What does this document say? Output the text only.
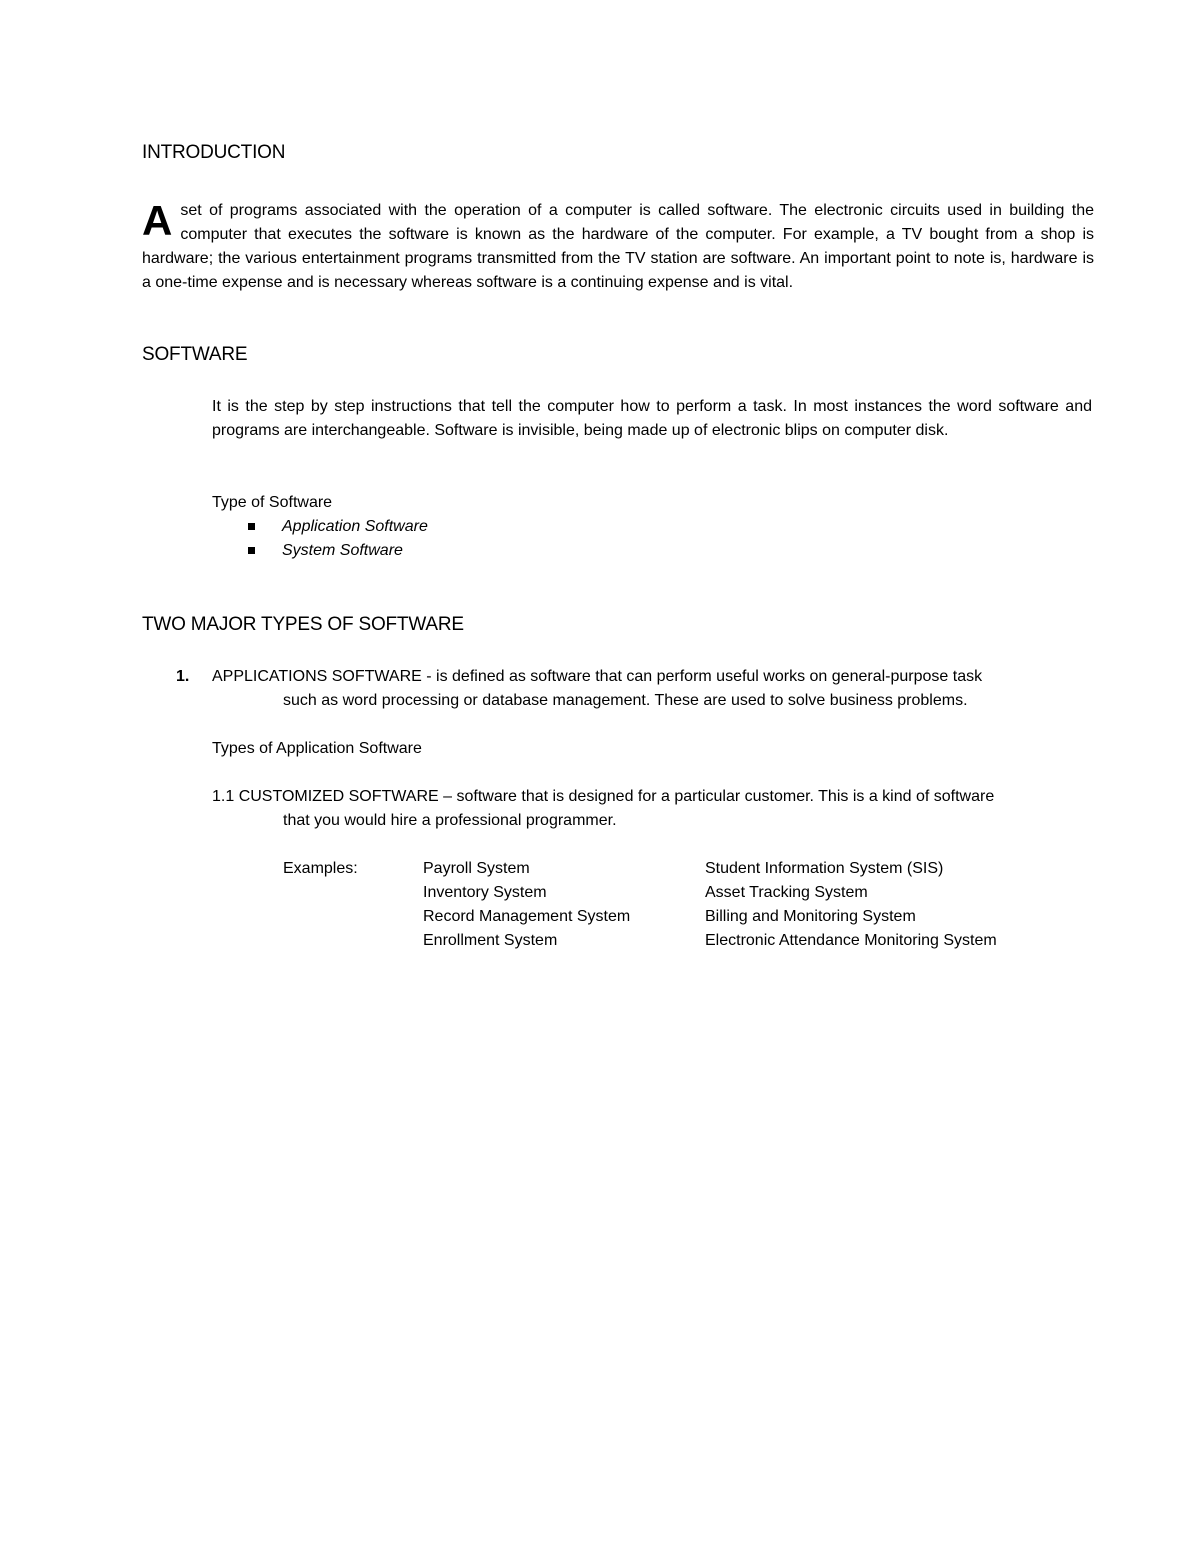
INTRODUCTION

A set of programs associated with the operation of a computer is called software. The electronic circuits used in building the computer that executes the software is known as the hardware of the computer. For example, a TV bought from a shop is hardware; the various entertainment programs transmitted from the TV station are software. An important point to note is, hardware is a one-time expense and is necessary whereas software is a continuing expense and is vital.

SOFTWARE

It is the step by step instructions that tell the computer how to perform a task. In most instances the word software and programs are interchangeable. Software is invisible, being made up of electronic blips on computer disk.

Type of Software
Application Software
System Software
TWO MAJOR TYPES OF SOFTWARE
1. APPLICATIONS SOFTWARE - is defined as software that can perform useful works on general-purpose task
such as word processing or database management. These are used to solve business problems.
Types of Application Software
1.1 CUSTOMIZED SOFTWARE – software that is designed for a particular customer. This is a kind of software
that you would hire a professional programmer.
Examples:	Payroll System
Inventory System
Record Management System
Enrollment System
Student Information System (SIS)
Asset Tracking System
Billing and Monitoring System
Electronic Attendance Monitoring System
